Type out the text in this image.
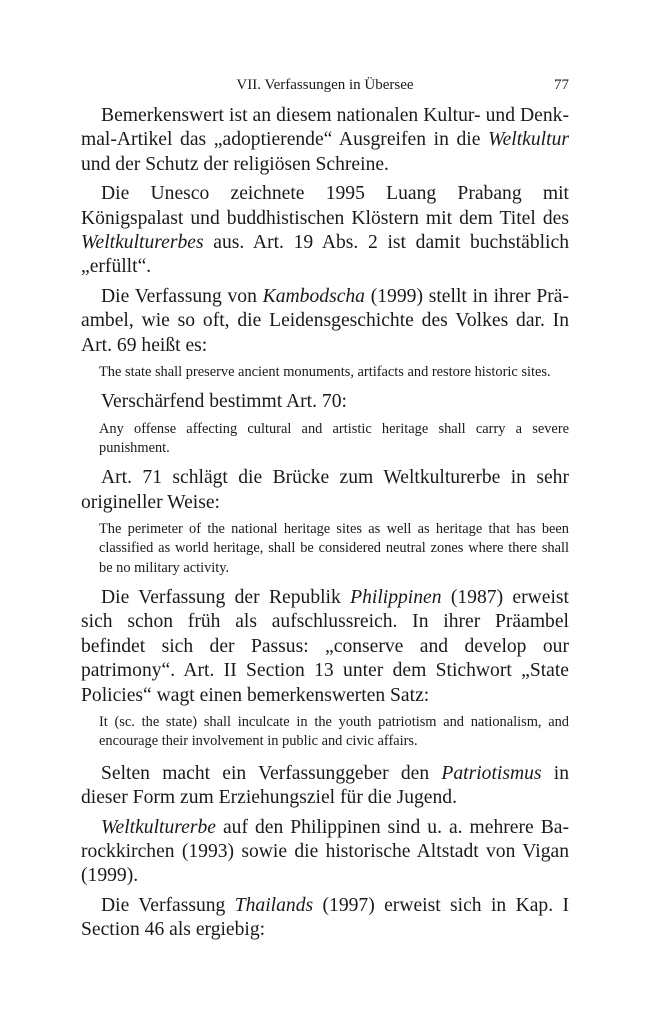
VII. Verfassungen in Übersee	77

Bemerkenswert ist an diesem nationalen Kultur- und Denkmal-Artikel das „adoptierende“ Ausgreifen in die Weltkultur und der Schutz der religiösen Schreine.

Die Unesco zeichnete 1995 Luang Prabang mit Königspalast und buddhistischen Klöstern mit dem Titel des Weltkulturerbes aus. Art. 19 Abs. 2 ist damit buchstäblich „erfüllt“.

Die Verfassung von Kambodscha (1999) stellt in ihrer Präambel, wie so oft, die Leidensgeschichte des Volkes dar. In Art. 69 heißt es:

The state shall preserve ancient monuments, artifacts and restore historic sites.

Verschärfend bestimmt Art. 70:

Any offense affecting cultural and artistic heritage shall carry a severe punishment.

Art. 71 schlägt die Brücke zum Weltkulturerbe in sehr origineller Weise:

The perimeter of the national heritage sites as well as heritage that has been classified as world heritage, shall be considered neutral zones where there shall be no military activity.

Die Verfassung der Republik Philippinen (1987) erweist sich schon früh als aufschlussreich. In ihrer Präambel befindet sich der Passus: „conserve and develop our patrimony“. Art. II Section 13 unter dem Stichwort „State Policies“ wagt einen bemerkenswerten Satz:

It (sc. the state) shall inculcate in the youth patriotism and nationalism, and encourage their involvement in public and civic affairs.

Selten macht ein Verfassunggeber den Patriotismus in dieser Form zum Erziehungsziel für die Jugend.

Weltkulturerbe auf den Philippinen sind u. a. mehrere Barockkirchen (1993) sowie die historische Altstadt von Vigan (1999).

Die Verfassung Thailands (1997) erweist sich in Kap. I Section 46 als ergiebig:
